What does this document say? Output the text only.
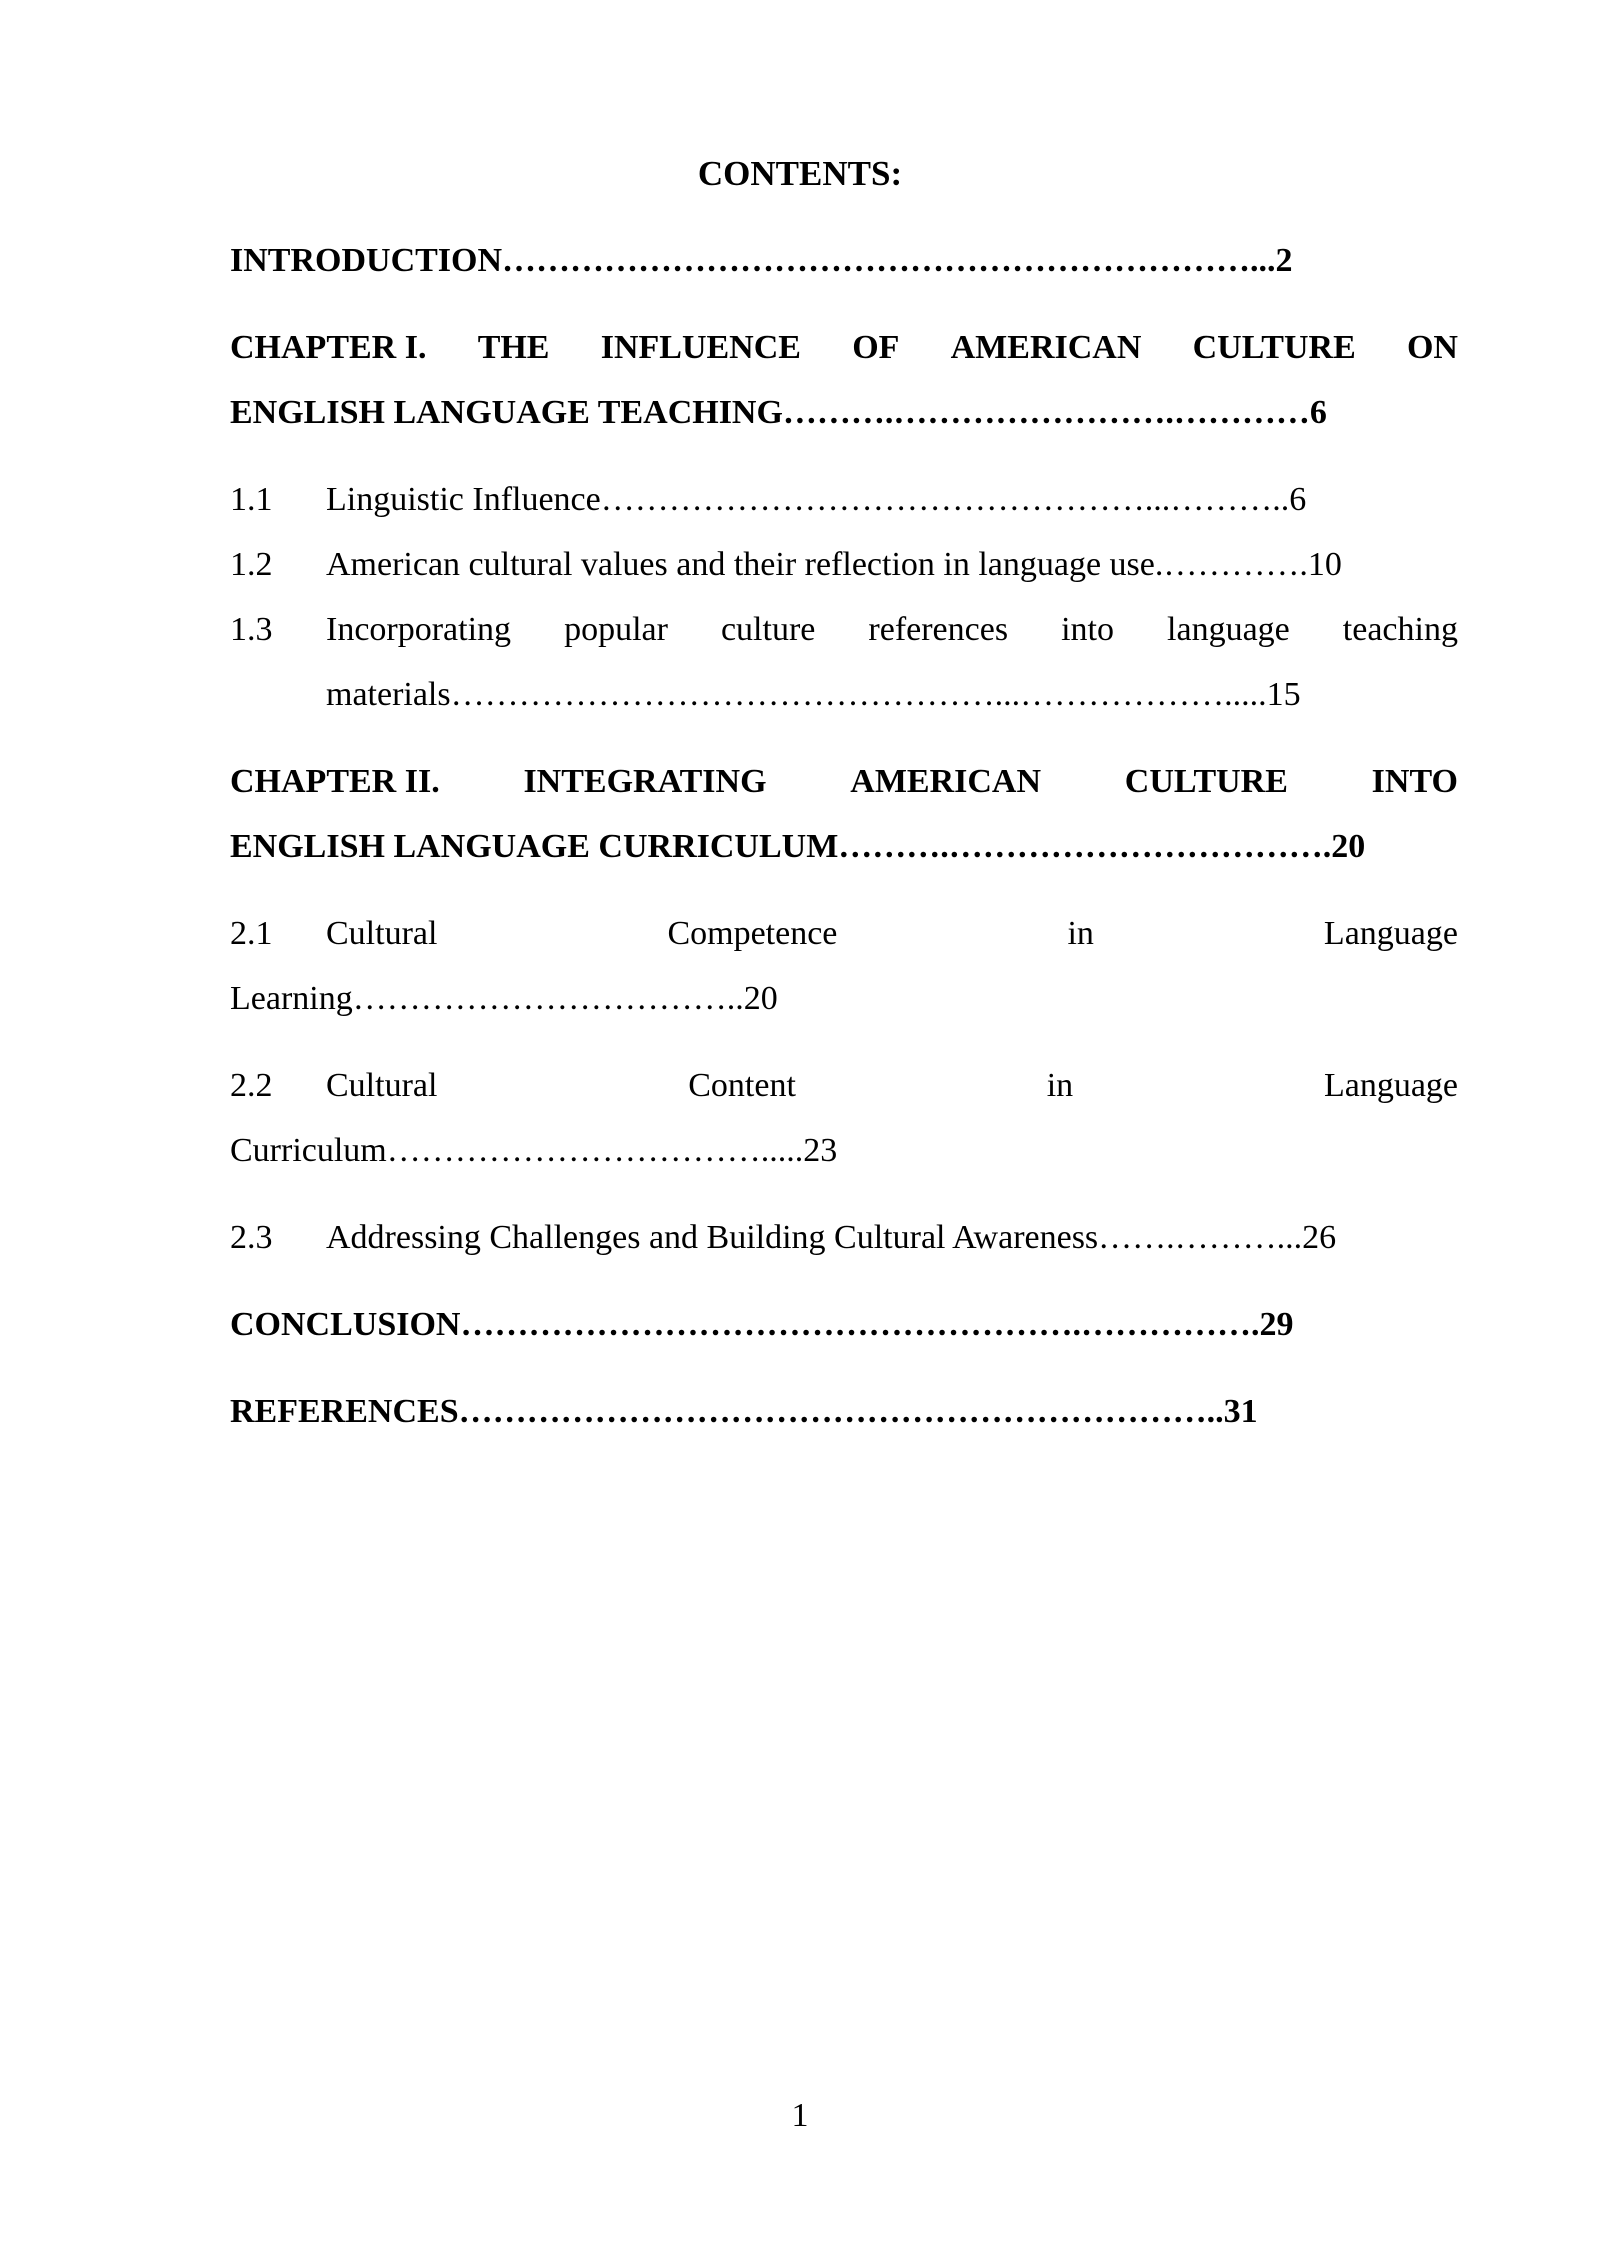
CONTENTS:
INTRODUCTION…………………………………………………………...2
CHAPTER I. THE INFLUENCE OF AMERICAN CULTURE ON
ENGLISH LANGUAGE TEACHING……….…………………….…………6
1.1 Linguistic Influence…………………………………………...………..6
1.2 American cultural values and their reflection in language use.………….10
1.3 Incorporating popular culture references into language teaching
materials…………………………………………...……………….....15
CHAPTER II. INTEGRATING AMERICAN CULTURE INTO
ENGLISH LANGUAGE CURRICULUM……….…………………………….20
2.1	Cultural	Competence	in	Language
Learning……………………………..20
2.2	Cultural	Content	in	Language
Curriculum…………………………….....23
2.3 Addressing Challenges and Building Cultural Awareness…….………...26
CONCLUSION……………………………………………….…………….29
REFERENCES…………………………………………………………..31
1
